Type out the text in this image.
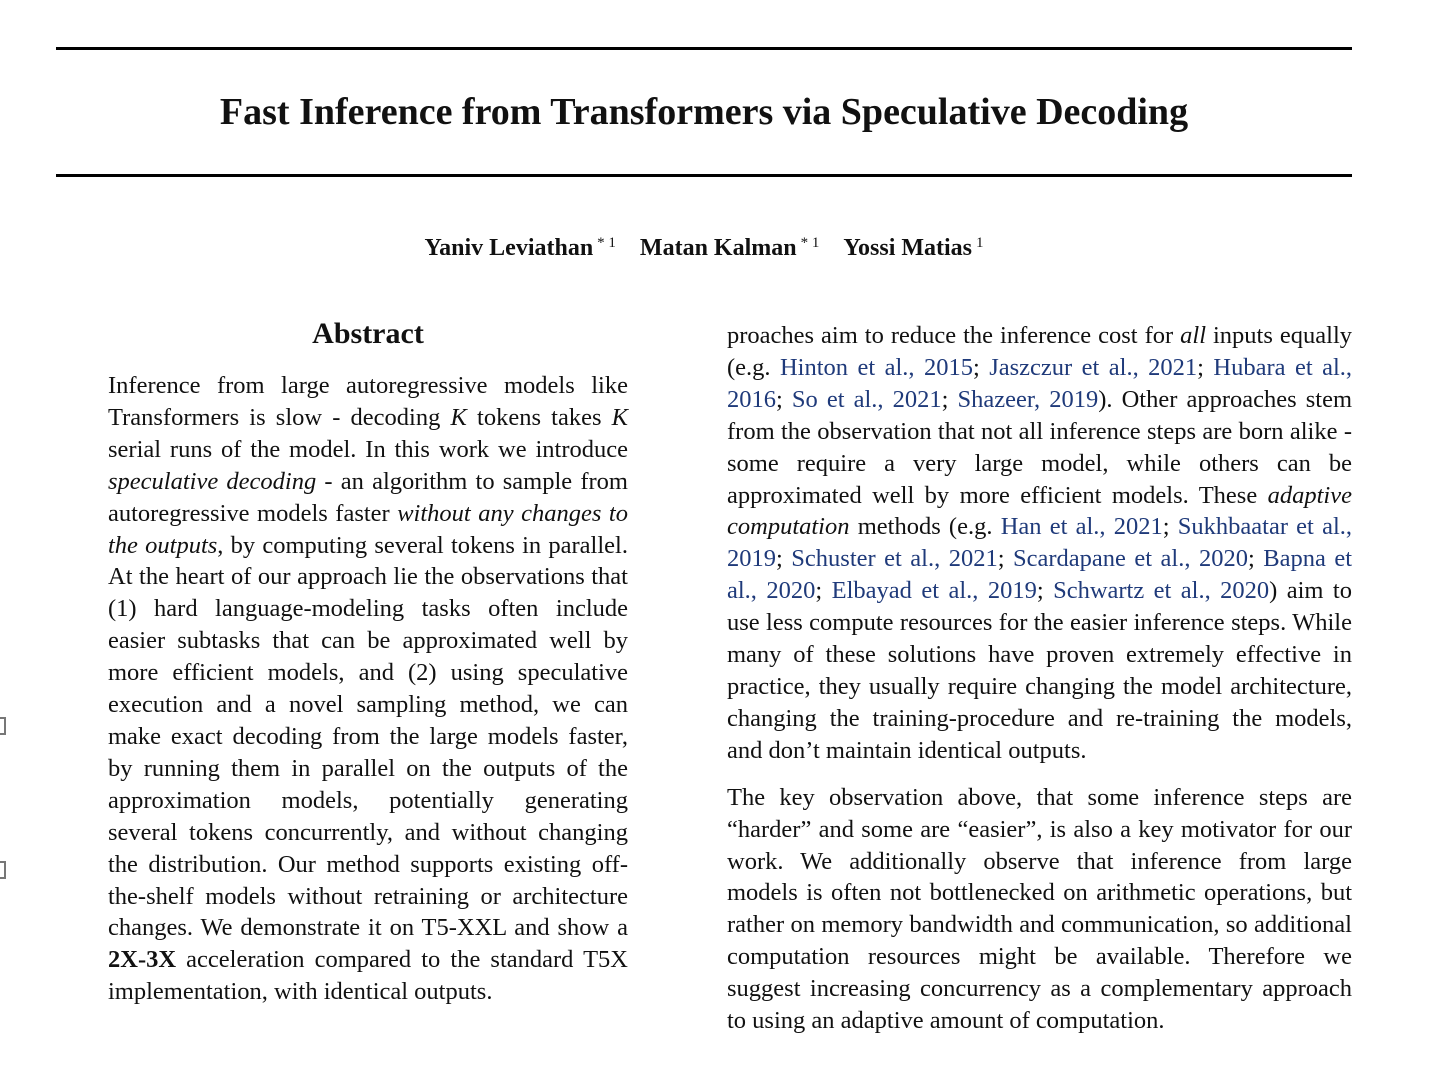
Fast Inference from Transformers via Speculative Decoding
Yaniv Leviathan $^{* 1}$ Matan Kalman $^{* 1}$ Yossi Matias $^1$
Abstract

Inference from large autoregressive models like Transformers is slow - decoding K tokens takes K serial runs of the model. In this work we introduce speculative decoding - an algorithm to sample from autoregressive models faster without any changes to the outputs, by computing several tokens in parallel. At the heart of our approach lie the observations that (1) hard language-modeling tasks often include easier subtasks that can be approximated well by more efficient models, and (2) using speculative execution and a novel sampling method, we can make exact decoding from the large models faster, by running them in parallel on the outputs of the approximation models, potentially generating several tokens concurrently, and without changing the distribution. Our method supports existing off-the-shelf models without retraining or architecture changes. We demonstrate it on T5-XXL and show a 2X-3X acceleration compared to the standard T5X implementation, with identical outputs.

proaches aim to reduce the inference cost for all inputs equally (e.g. Hinton et al., 2015; Jaszczur et al., 2021; Hubara et al., 2016; So et al., 2021; Shazeer, 2019). Other approaches stem from the observation that not all inference steps are born alike - some require a very large model, while others can be approximated well by more efficient models. These adaptive computation methods (e.g. Han et al., 2021; Sukhbaatar et al., 2019; Schuster et al., 2021; Scardapane et al., 2020; Bapna et al., 2020; Elbayad et al., 2019; Schwartz et al., 2020) aim to use less compute resources for the easier inference steps. While many of these solutions have proven extremely effective in practice, they usually require changing the model architecture, changing the training-procedure and re-training the models, and don’t maintain identical outputs.

The key observation above, that some inference steps are “harder” and some are “easier”, is also a key motivator for our work. We additionally observe that inference from large models is often not bottlenecked on arithmetic operations, but rather on memory bandwidth and communication, so additional computation resources might be available. Therefore we suggest increasing concurrency as a complementary approach to using an adaptive amount of computation.
